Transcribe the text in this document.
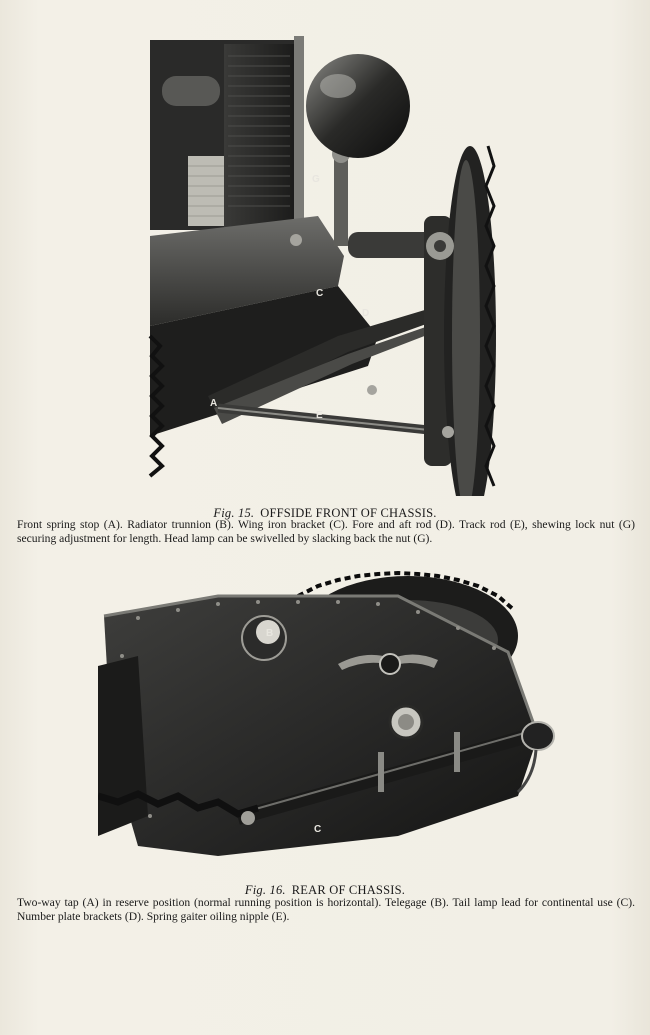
G
C
D
A
E
Fig. 15. OFFSIDE FRONT OF CHASSIS.
Front spring stop (A). Radiator trunnion (B). Wing iron bracket (C). Fore and aft rod (D). Track rod (E), shewing lock nut (G) securing adjustment for length. Head lamp can be swivelled by slacking back the nut (G).
B
C
Fig. 16. REAR OF CHASSIS.
Two-way tap (A) in reserve position (normal running position is horizontal). Telegage (B). Tail lamp lead for continental use (C). Number plate brackets (D). Spring gaiter oiling nipple (E).
